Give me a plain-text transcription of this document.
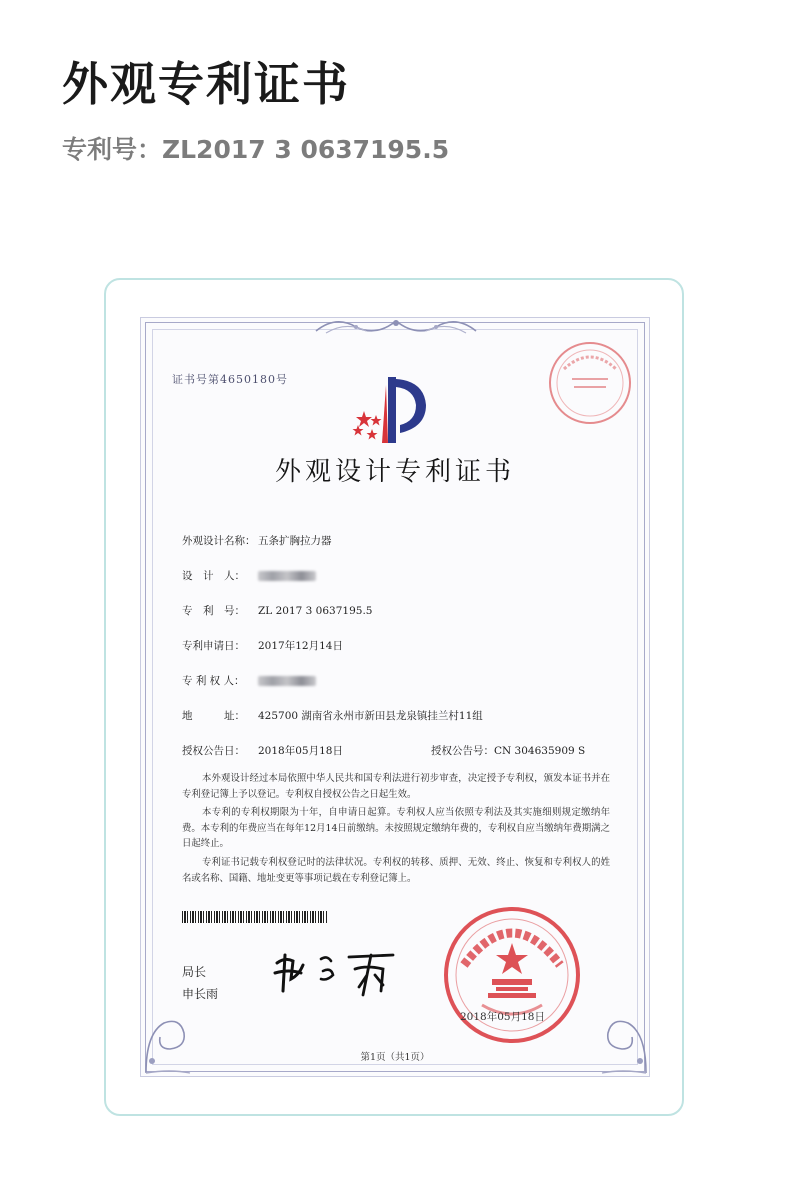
外观专利证书
专利号：ZL2017 3 0637195.5
证书号第4650180号
外观设计专利证书
外观设计名称： 五条扩胸拉力器
设　计　人：
专　利　号： ZL 2017 3 0637195.5
专利申请日： 2017年12月14日
专 利 权 人：
地　　　址： 425700 湖南省永州市新田县龙泉镇挂兰村11组
授权公告日： 2018年05月18日	授权公告号：CN 304635909 S
本外观设计经过本局依照中华人民共和国专利法进行初步审查，决定授予专利权，颁发本证书并在专利登记簿上予以登记。专利权自授权公告之日起生效。
本专利的专利权期限为十年，自申请日起算。专利权人应当依照专利法及其实施细则规定缴纳年费。本专利的年费应当在每年12月14日前缴纳。未按照规定缴纳年费的，专利权自应当缴纳年费期满之日起终止。
专利证书记载专利权登记时的法律状况。专利权的转移、质押、无效、终止、恢复和专利权人的姓名或名称、国籍、地址变更等事项记载在专利登记簿上。
局长
申长雨
2018年05月18日
第1页（共1页）
